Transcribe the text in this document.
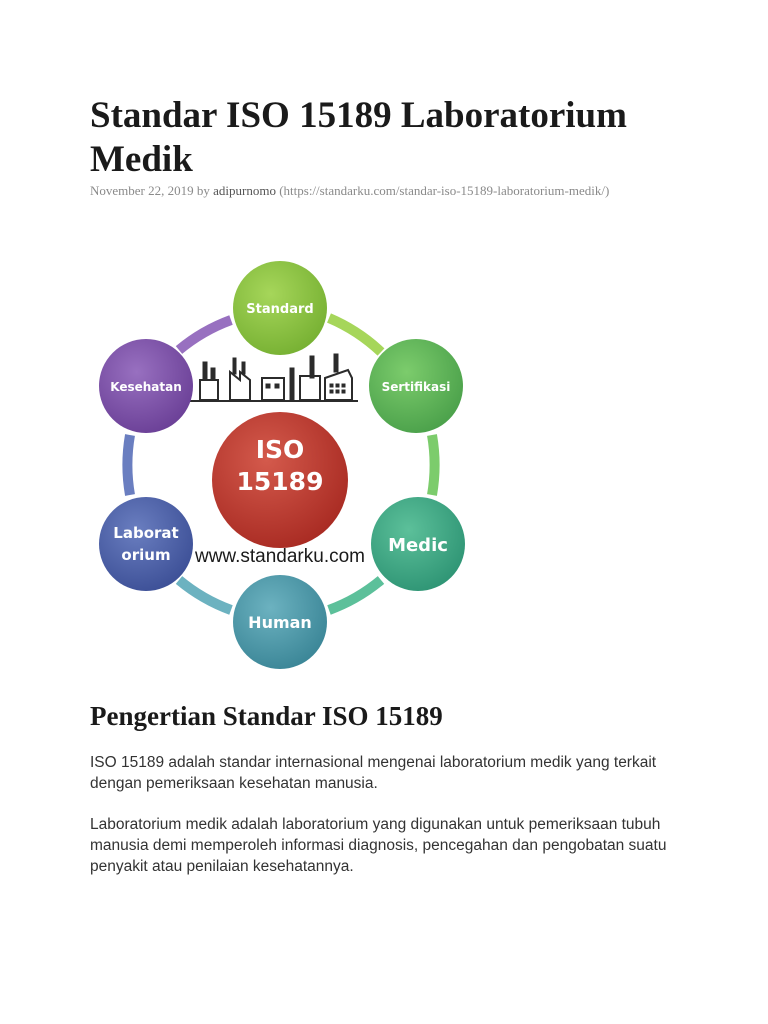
Standar ISO 15189 Laboratorium Medik
November 22, 2019 by adipurnomo (https://standarku.com/standar-iso-15189-laboratorium-medik/)
ISO
15189
www.standarku.com
Standard
Sertifikasi
Medic
Human
Laborat
orium
Kesehatan
Pengertian Standar ISO 15189

ISO 15189 adalah standar internasional mengenai laboratorium medik yang terkait dengan pemeriksaan kesehatan manusia.

Laboratorium medik adalah laboratorium yang digunakan untuk pemeriksaan tubuh manusia demi memperoleh informasi diagnosis, pencegahan dan pengobatan suatu penyakit atau penilaian kesehatannya.
